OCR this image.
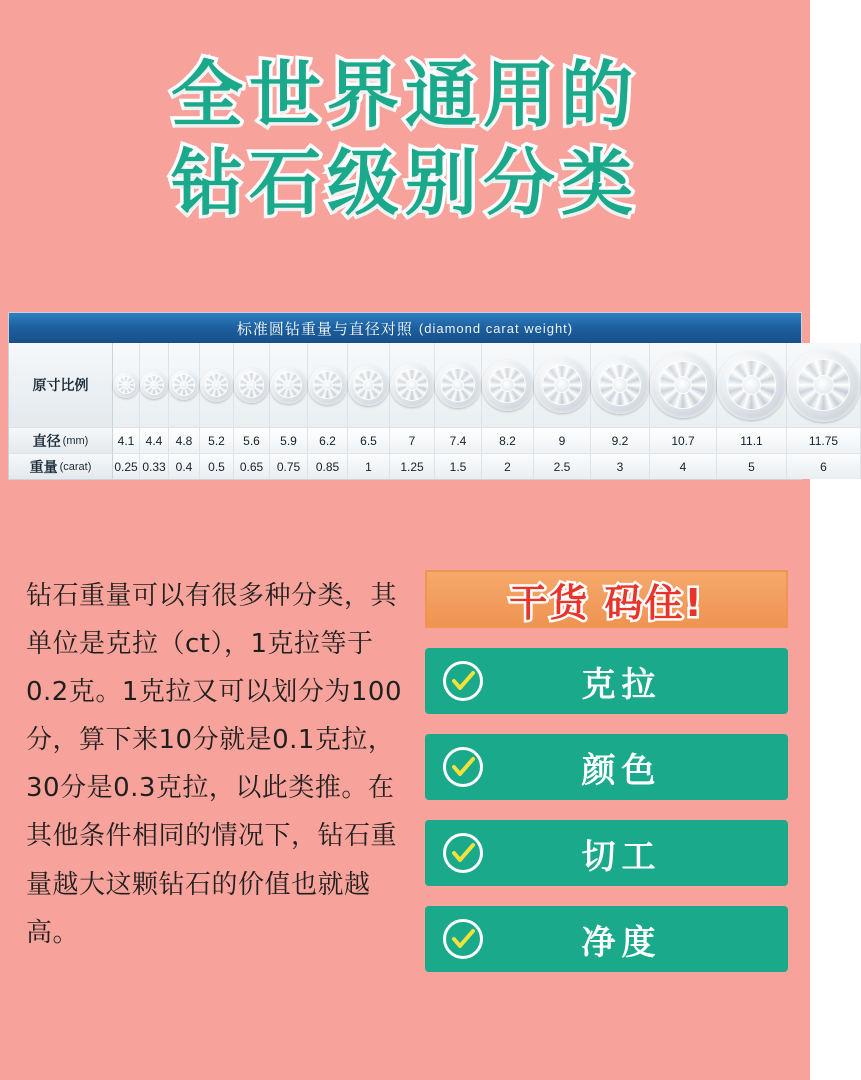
全世界通用的
钻石级别分类
标准圆钻重量与直径对照 (diamond carat weight)
原寸比例
直径 (mm)	4.1 4.4	4.8	5.2	5.6	5.9	6.2	6.5	7	7.4	8.2	9	9.2	10.7	11.1	11.75
重量 (carat) 0.25 0.33 0.4	0.5	0.65	0.75	0.85	1	1.25	1.5	2	2.5	3	4	5	6
钻石重量可以有很多种分类，其单位是克拉（ct），1克拉等于0.2克。1克拉又可以划分为100分，算下来10分就是0.1克拉，30分是0.3克拉，以此类推。在其他条件相同的情况下，钻石重量越大这颗钻石的价值也就越高。
干货 码住!
克拉
颜色
切工
净度
